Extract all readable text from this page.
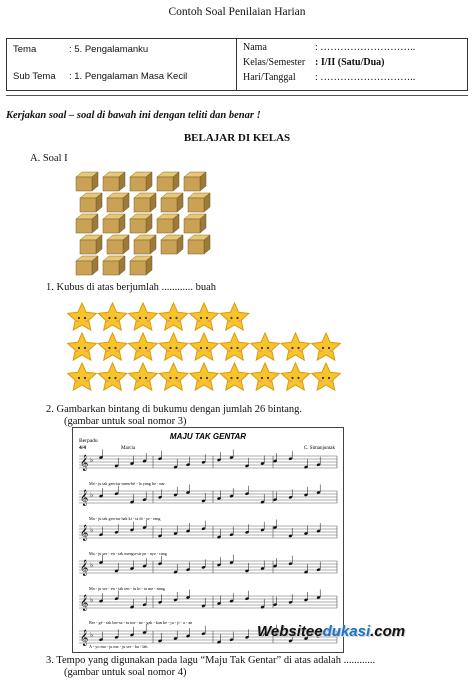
Contoh Soal Penilaian Harian
Tema	: 5. Pengalamanku
Sub Tema : 1. Pengalaman Masa Kecil
Nama	: ………………………..
Kelas/Semester : I/II (Satu/Dua)
Hari/Tanggal : ………………………..
Kerjakan soal – soal di bawah ini dengan teliti dan benar !
BELAJAR DI KELAS
A. Soal I
1. Kubus di atas berjumlah ............ buah
2. Gambarkan bintang di bukumu dengan jumlah 26 bintang.
(gambar untuk soal nomor 3)
MAJU TAK GENTAR
Berpadu
4/4	Marcia	C. Simanjuntak
𝄞 ♭
𝄞 ♭
𝄞 ♭
𝄞 ♭
𝄞 ♭
𝄞 ♭
Ma - ju tak gen-tar mem-bé - la yang be - nar
Ma - ju tak gen-tar hak ki - ta di - se - rang
Ma - ju ser - en - tak mengu-sir pe - nye - rang
Ma - ju ser - en - tak ten - tu ki - ta me - nang
Ber - gé - rak ber-sa - tu me - ne - gak - kan ke - ju - ji - a - an
A - yo ma - ju ma - ju ser - bu - lah
Websiteedukasi.com
3. Tempo yang digunakan pada lagu “Maju Tak Gentar” di atas adalah ............
(gambar untuk soal nomor 4)
